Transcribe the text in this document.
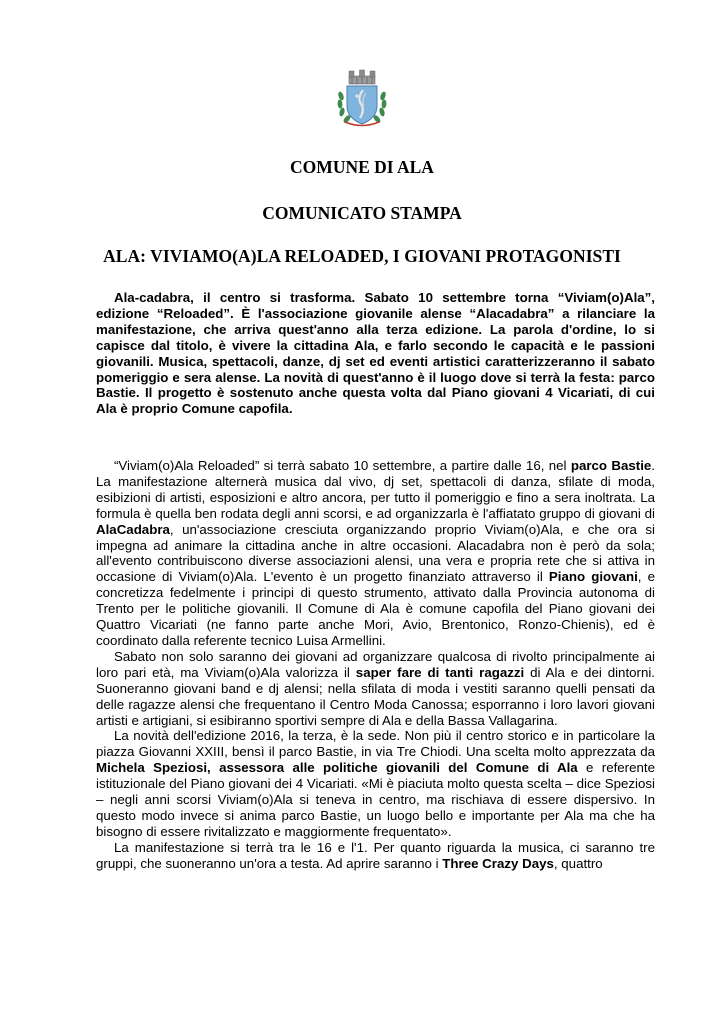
COMUNE DI ALA
COMUNICATO STAMPA
ALA: VIVIAMO(A)LA RELOADED, I GIOVANI PROTAGONISTI

Ala-cadabra, il centro si trasforma. Sabato 10 settembre torna “Viviam(o)Ala”, edizione “Reloaded”. È l'associazione giovanile alense “Alacadabra” a rilanciare la manifestazione, che arriva quest'anno alla terza edizione. La parola d'ordine, lo si capisce dal titolo, è vivere la cittadina Ala, e farlo secondo le capacità e le passioni giovanili. Musica, spettacoli, danze, dj set ed eventi artistici caratterizzeranno il sabato pomeriggio e sera alense. La novità di quest'anno è il luogo dove si terrà la festa: parco Bastie. Il progetto è sostenuto anche questa volta dal Piano giovani 4 Vicariati, di cui Ala è proprio Comune capofila.

“Viviam(o)Ala Reloaded” si terrà sabato 10 settembre, a partire dalle 16, nel parco Bastie. La manifestazione alternerà musica dal vivo, dj set, spettacoli di danza, sfilate di moda, esibizioni di artisti, esposizioni e altro ancora, per tutto il pomeriggio e fino a sera inoltrata. La formula è quella ben rodata degli anni scorsi, e ad organizzarla è l'affiatato gruppo di giovani di AlaCadabra, un'associazione cresciuta organizzando proprio Viviam(o)Ala, e che ora si impegna ad animare la cittadina anche in altre occasioni. Alacadabra non è però da sola; all'evento contribuiscono diverse associazioni alensi, una vera e propria rete che si attiva in occasione di Viviam(o)Ala. L'evento è un progetto finanziato attraverso il Piano giovani, e concretizza fedelmente i principi di questo strumento, attivato dalla Provincia autonoma di Trento per le politiche giovanili. Il Comune di Ala è comune capofila del Piano giovani dei Quattro Vicariati (ne fanno parte anche Mori, Avio, Brentonico, Ronzo-Chienis), ed è coordinato dalla referente tecnico Luisa Armellini.

Sabato non solo saranno dei giovani ad organizzare qualcosa di rivolto principalmente ai loro pari età, ma Viviam(o)Ala valorizza il saper fare di tanti ragazzi di Ala e dei dintorni. Suoneranno giovani band e dj alensi; nella sfilata di moda i vestiti saranno quelli pensati da delle ragazze alensi che frequentano il Centro Moda Canossa; esporranno i loro lavori giovani artisti e artigiani, si esibiranno sportivi sempre di Ala e della Bassa Vallagarina.

La novità dell'edizione 2016, la terza, è la sede. Non più il centro storico e in particolare la piazza Giovanni XXIII, bensì il parco Bastie, in via Tre Chiodi. Una scelta molto apprezzata da Michela Speziosi, assessora alle politiche giovanili del Comune di Ala e referente istituzionale del Piano giovani dei 4 Vicariati. «Mi è piaciuta molto questa scelta – dice Speziosi – negli anni scorsi Viviam(o)Ala si teneva in centro, ma rischiava di essere dispersivo. In questo modo invece si anima parco Bastie, un luogo bello e importante per Ala ma che ha bisogno di essere rivitalizzato e maggiormente frequentato».

La manifestazione si terrà tra le 16 e l'1. Per quanto riguarda la musica, ci saranno tre gruppi, che suoneranno un'ora a testa. Ad aprire saranno i Three Crazy Days, quattro
